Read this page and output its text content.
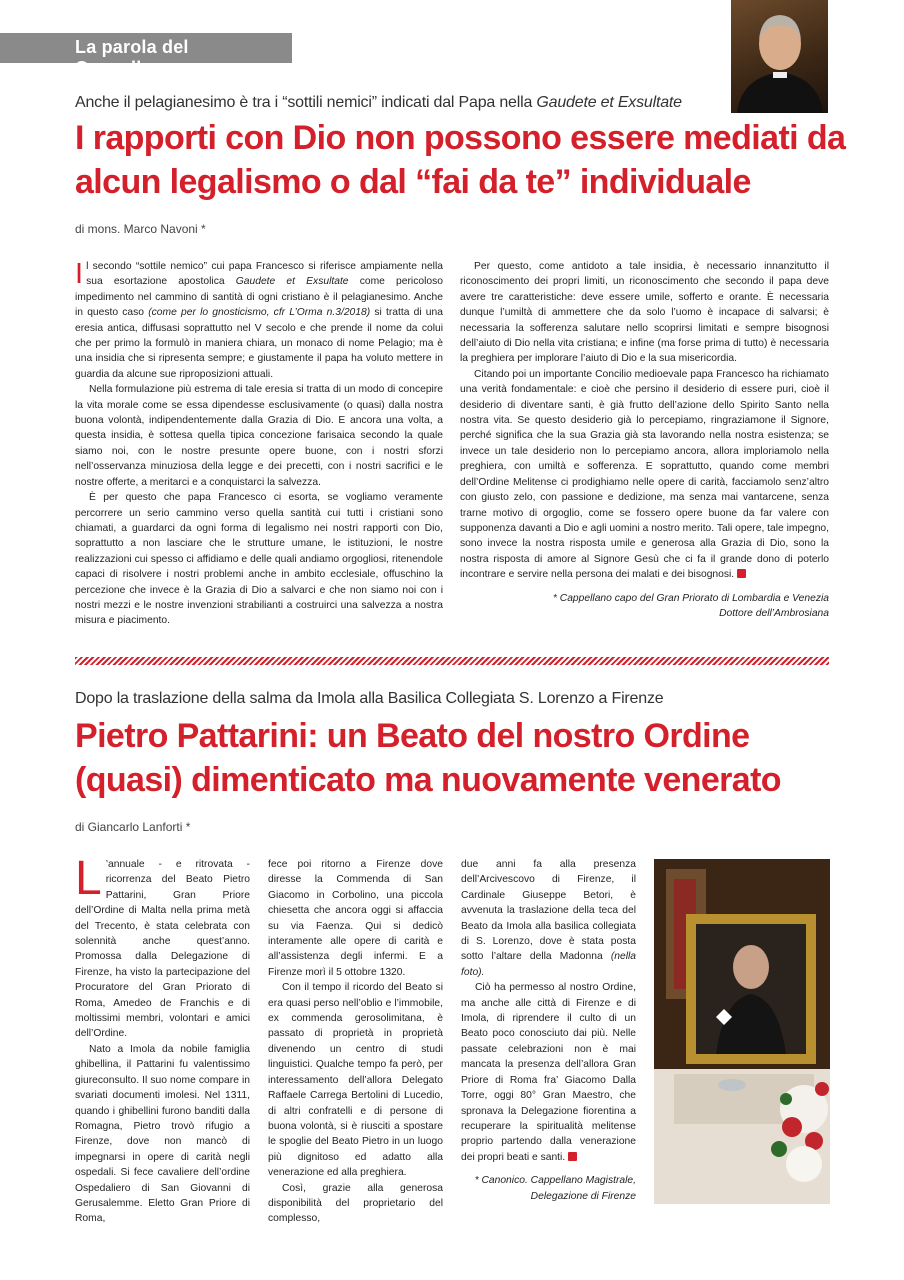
La parola del Cappellano
Anche il pelagianesimo è tra i “sottili nemici” indicati dal Papa nella Gaudete et Exsultate
I rapporti con Dio non possono essere mediati da alcun legalismo o dal “fai da te” individuale
di mons. Marco Navoni *

Il secondo “sottile nemico” cui papa Francesco si riferisce ampiamente nella sua esortazione apostolica Gaudete et Exsultate come pericoloso impedimento nel cammino di santità di ogni cristiano è il pelagianesimo. Anche in questo caso (come per lo gnosticismo, cfr L’Orma n.3/2018) si tratta di una eresia antica, diffusasi soprattutto nel V secolo e che prende il nome da colui che per primo la formulò in maniera chiara, un monaco di nome Pelagio; ma è una insidia che si ripresenta sempre; e giustamente il papa ha voluto mettere in guardia da alcune sue riproposizioni attuali.

Nella formulazione più estrema di tale eresia si tratta di un modo di concepire la vita morale come se essa dipendesse esclusivamente (o quasi) dalla nostra buona volontà, indipendentemente dalla Grazia di Dio. E ancora una volta, a questa insidia, è sottesa quella tipica concezione farisaica secondo la quale siamo noi, con le nostre presunte opere buone, con i nostri sforzi nell’osservanza minuziosa della legge e dei precetti, con i nostri sacrifici e le nostre offerte, a meritarci e a conquistarci la salvezza.

È per questo che papa Francesco ci esorta, se vogliamo veramente percorrere un serio cammino verso quella santità cui tutti i cristiani sono chiamati, a guardarci da ogni forma di legalismo nei nostri rapporti con Dio, soprattutto a non lasciare che le strutture umane, le istituzioni, le nostre realizzazioni cui spesso ci affidiamo e delle quali andiamo orgogliosi, ritenendole capaci di risolvere i nostri problemi anche in ambito ecclesiale, offuschino la percezione che invece è la Grazia di Dio a salvarci e che non siamo noi con i nostri mezzi e le nostre invenzioni strabilianti a costruirci una salvezza a nostra misura e piacimento.

Per questo, come antidoto a tale insidia, è necessario innanzitutto il riconoscimento dei propri limiti, un riconoscimento che secondo il papa deve avere tre caratteristiche: deve essere umile, sofferto e orante. È necessaria dunque l’umiltà di ammettere che da solo l’uomo è incapace di salvarsi; è necessaria la sofferenza salutare nello scoprirsi limitati e sempre bisognosi dell’aiuto di Dio nella vita cristiana; e infine (ma forse prima di tutto) è necessaria la preghiera per implorare l’aiuto di Dio e la sua misericordia.

Citando poi un importante Concilio medioevale papa Francesco ha richiamato una verità fondamentale: e cioè che persino il desiderio di essere puri, cioè il desiderio di diventare santi, è già frutto dell’azione dello Spirito Santo nella nostra vita. Se questo desiderio già lo percepiamo, ringraziamone il Signore, perché significa che la sua Grazia già sta lavorando nella nostra esistenza; se invece un tale desiderio non lo percepiamo ancora, allora imploriamolo nella preghiera, con umiltà e sofferenza. E soprattutto, quando come membri dell’Ordine Melitense ci prodighiamo nelle opere di carità, facciamolo senz’altro con giusto zelo, con passione e dedizione, ma senza mai vantarcene, senza trarne motivo di orgoglio, come se fossero opere buone da far valere con supponenza davanti a Dio e agli uomini a nostro merito. Tali opere, tale impegno, sono invece la nostra risposta umile e generosa alla Grazia di Dio, sono la nostra risposta di amore al Signore Gesù che ci fa il grande dono di poterlo incontrare e servire nella persona dei malati e dei bisognosi.

* Cappellano capo del Gran Priorato di Lombardia e Venezia
Dottore dell’Ambrosiana
Dopo la traslazione della salma da Imola alla Basilica Collegiata S. Lorenzo a Firenze
Pietro Pattarini: un Beato del nostro Ordine (quasi) dimenticato ma nuovamente venerato
di Giancarlo Lanforti *

L ’annuale - e ritrovata - ricorrenza del Beato Pietro Pattarini, Gran Priore dell’Ordine di Malta nella prima metà del Trecento, è stata celebrata con solennità anche quest’anno. Promossa dalla Delegazione di Firenze, ha visto la partecipazione del Procuratore del Gran Priorato di Roma, Amedeo de Franchis e di moltissimi membri, volontari e amici dell’Ordine.

Nato a Imola da nobile famiglia ghibellina, il Pattarini fu valentissimo giureconsulto. Il suo nome compare in svariati documenti imolesi. Nel 1311, quando i ghibellini furono banditi dalla Romagna, Pietro trovò rifugio a Firenze, dove non mancò di impegnarsi in opere di carità negli ospedali. Si fece cavaliere dell’ordine Ospedaliero di San Giovanni di Gerusalemme. Eletto Gran Priore di Roma,

fece poi ritorno a Firenze dove diresse la Commenda di San Giacomo in Corbolino, una piccola chiesetta che ancora oggi si affaccia su via Faenza. Qui si dedicò interamente alle opere di carità e all’assistenza degli infermi. E a Firenze morì il 5 ottobre 1320.

Con il tempo il ricordo del Beato si era quasi perso nell’oblio e l’immobile, ex commenda gerosolimitana, è passato di proprietà in proprietà divenendo un centro di studi linguistici. Qualche tempo fa però, per interessamento dell’allora Delegato Raffaele Carrega Bertolini di Lucedio, di altri confratelli e di persone di buona volontà, si è riusciti a spostare le spoglie del Beato Pietro in un luogo più dignitoso ed adatto alla venerazione ed alla preghiera.

Così, grazie alla generosa disponibilità del proprietario del complesso,

due anni fa alla presenza dell’Arcivescovo di Firenze, il Cardinale Giuseppe Betori, è avvenuta la traslazione della teca del Beato da Imola alla basilica collegiata di S. Lorenzo, dove è stata posta sotto l’altare della Madonna (nella foto).

Ciò ha permesso al nostro Ordine, ma anche alle città di Firenze e di Imola, di riprendere il culto di un Beato poco conosciuto dai più. Nelle passate celebrazioni non è mai mancata la presenza dell’allora Gran Priore di Roma fra’ Giacomo Dalla Torre, oggi 80° Gran Maestro, che spronava la Delegazione fiorentina a recuperare la spiritualità melitense proprio partendo dalla venerazione dei propri beati e santi.

* Canonico. Cappellano Magistrale,
Delegazione di Firenze
